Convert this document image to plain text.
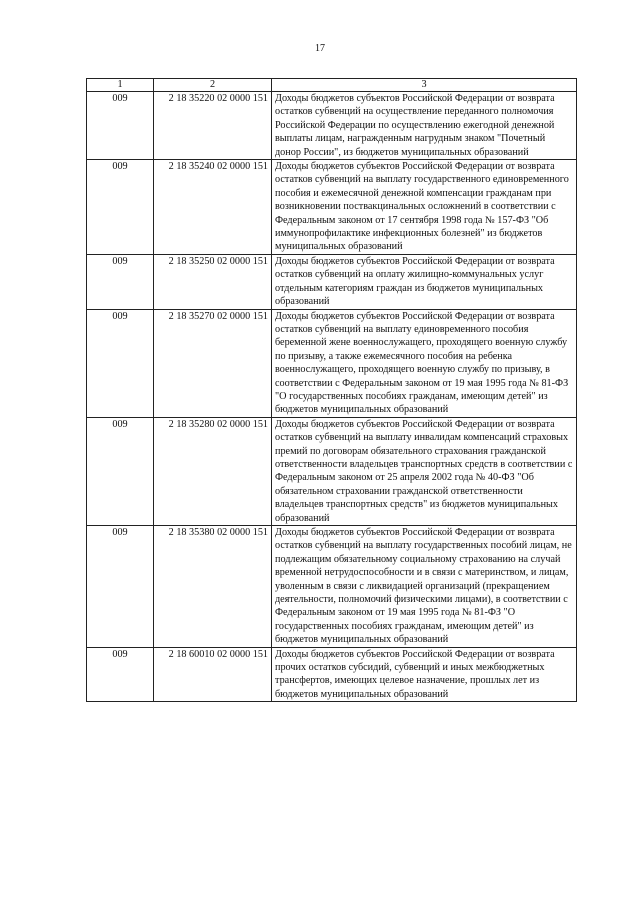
17
1	2	3
009	2 18 35220 02 0000 151	Доходы бюджетов субъектов Российской Федерации от возврата остатков субвенций на осуществление переданного полномочия Российской Федерации по осуществлению ежегодной денежной выплаты лицам, награжденным нагрудным знаком "Почетный донор России", из бюджетов муниципальных образований
009	2 18 35240 02 0000 151	Доходы бюджетов субъектов Российской Федерации от возврата остатков субвенций на выплату государственного единовременного пособия и ежемесячной денежной компенсации гражданам при возникновении поствакцинальных осложнений в соответствии с Федеральным законом от 17 сентября 1998 года № 157-ФЗ "Об иммунопрофилактике инфекционных болезней" из бюджетов муниципальных образований
009	2 18 35250 02 0000 151	Доходы бюджетов субъектов Российской Федерации от возврата остатков субвенций на оплату жилищно-коммунальных услуг отдельным категориям граждан из бюджетов муниципальных образований
009	2 18 35270 02 0000 151	Доходы бюджетов субъектов Российской Федерации от возврата остатков субвенций на выплату единовременного пособия беременной жене военнослужащего, проходящего военную службу по призыву, а также ежемесячного пособия на ребенка военнослужащего, проходящего военную службу по призыву, в соответствии с Федеральным законом от 19 мая 1995 года № 81-ФЗ "О государственных пособиях гражданам, имеющим детей" из бюджетов муниципальных образований
009	2 18 35280 02 0000 151	Доходы бюджетов субъектов Российской Федерации от возврата остатков субвенций на выплату инвалидам компенсаций страховых премий по договорам обязательного страхования гражданской ответственности владельцев транспортных средств в соответствии с Федеральным законом от 25 апреля 2002 года № 40-ФЗ "Об обязательном страховании гражданской ответственности владельцев транспортных средств" из бюджетов муниципальных образований
009	2 18 35380 02 0000 151	Доходы бюджетов субъектов Российской Федерации от возврата остатков субвенций на выплату государственных пособий лицам, не подлежащим обязательному социальному страхованию на случай временной нетрудоспособности и в связи с материнством, и лицам, уволенным в связи с ликвидацией организаций (прекращением деятельности, полномочий физическими лицами), в соответствии с Федеральным законом от 19 мая 1995 года № 81-ФЗ "О государственных пособиях гражданам, имеющим детей" из бюджетов муниципальных образований
009	2 18 60010 02 0000 151	Доходы бюджетов субъектов Российской Федерации от возврата прочих остатков субсидий, субвенций и иных межбюджетных трансфертов, имеющих целевое назначение, прошлых лет из бюджетов муниципальных образований
